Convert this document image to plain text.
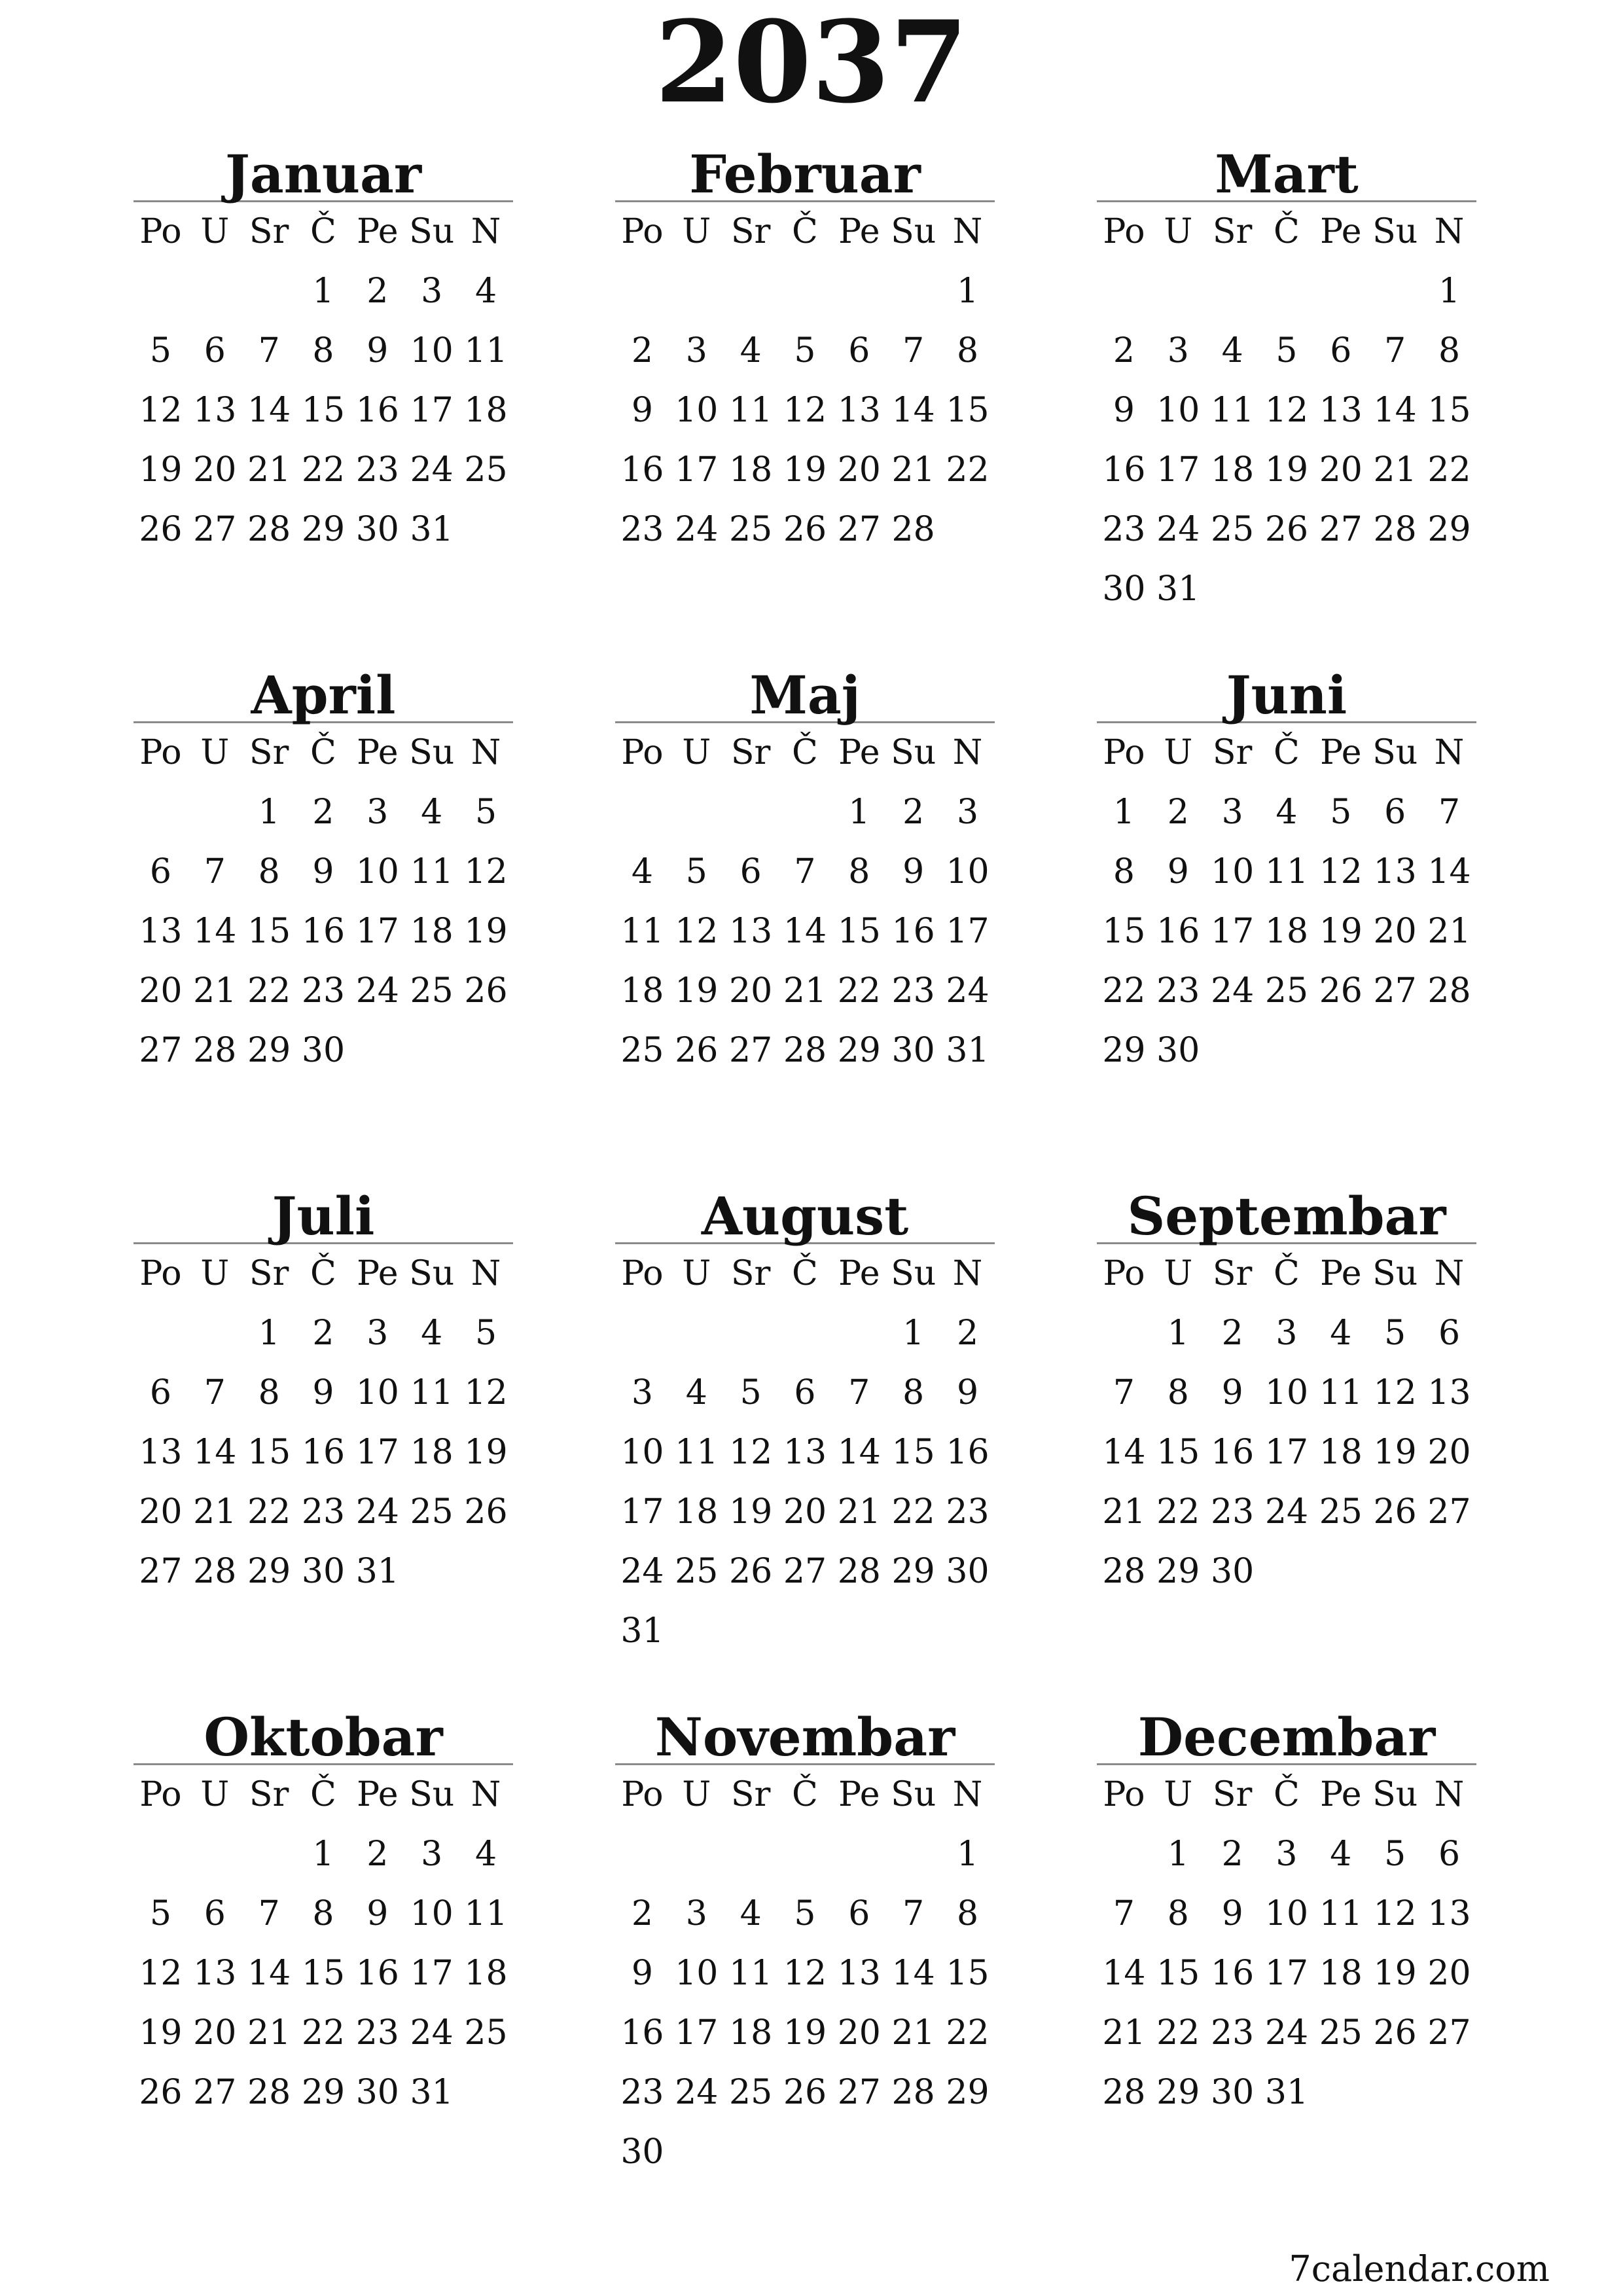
2037
Januar
Po U Sr Č Pe Su N
1 2 3 4
5 6 7 8 9 10 11
12 13 14 15 16 17 18
19 20 21 22 23 24 25
26 27 28 29 30 31
Februar
Po U Sr Č Pe Su N
1
2 3 4 5 6 7 8
9 10 11 12 13 14 15
16 17 18 19 20 21 22
23 24 25 26 27 28
Mart
Po U Sr Č Pe Su N
1
2 3 4 5 6 7 8
9 10 11 12 13 14 15
16 17 18 19 20 21 22
23 24 25 26 27 28 29
30 31
April
Po U Sr Č Pe Su N
1 2 3 4 5
6 7 8 9 10 11 12
13 14 15 16 17 18 19
20 21 22 23 24 25 26
27 28 29 30
Maj
Po U Sr Č Pe Su N
1 2 3
4 5 6 7 8 9 10
11 12 13 14 15 16 17
18 19 20 21 22 23 24
25 26 27 28 29 30 31
Juni
Po U Sr Č Pe Su N
1 2 3 4 5 6 7
8 9 10 11 12 13 14
15 16 17 18 19 20 21
22 23 24 25 26 27 28
29 30
Juli
Po U Sr Č Pe Su N
1 2 3 4 5
6 7 8 9 10 11 12
13 14 15 16 17 18 19
20 21 22 23 24 25 26
27 28 29 30 31
August
Po U Sr Č Pe Su N
1 2
3 4 5 6 7 8 9
10 11 12 13 14 15 16
17 18 19 20 21 22 23
24 25 26 27 28 29 30
31
Septembar
Po U Sr Č Pe Su N
1 2 3 4 5 6
7 8 9 10 11 12 13
14 15 16 17 18 19 20
21 22 23 24 25 26 27
28 29 30
Oktobar
Po U Sr Č Pe Su N
1 2 3 4
5 6 7 8 9 10 11
12 13 14 15 16 17 18
19 20 21 22 23 24 25
26 27 28 29 30 31
Novembar
Po U Sr Č Pe Su N
1
2 3 4 5 6 7 8
9 10 11 12 13 14 15
16 17 18 19 20 21 22
23 24 25 26 27 28 29
30
Decembar
Po U Sr Č Pe Su N
1 2 3 4 5 6
7 8 9 10 11 12 13
14 15 16 17 18 19 20
21 22 23 24 25 26 27
28 29 30 31
7calendar.com
